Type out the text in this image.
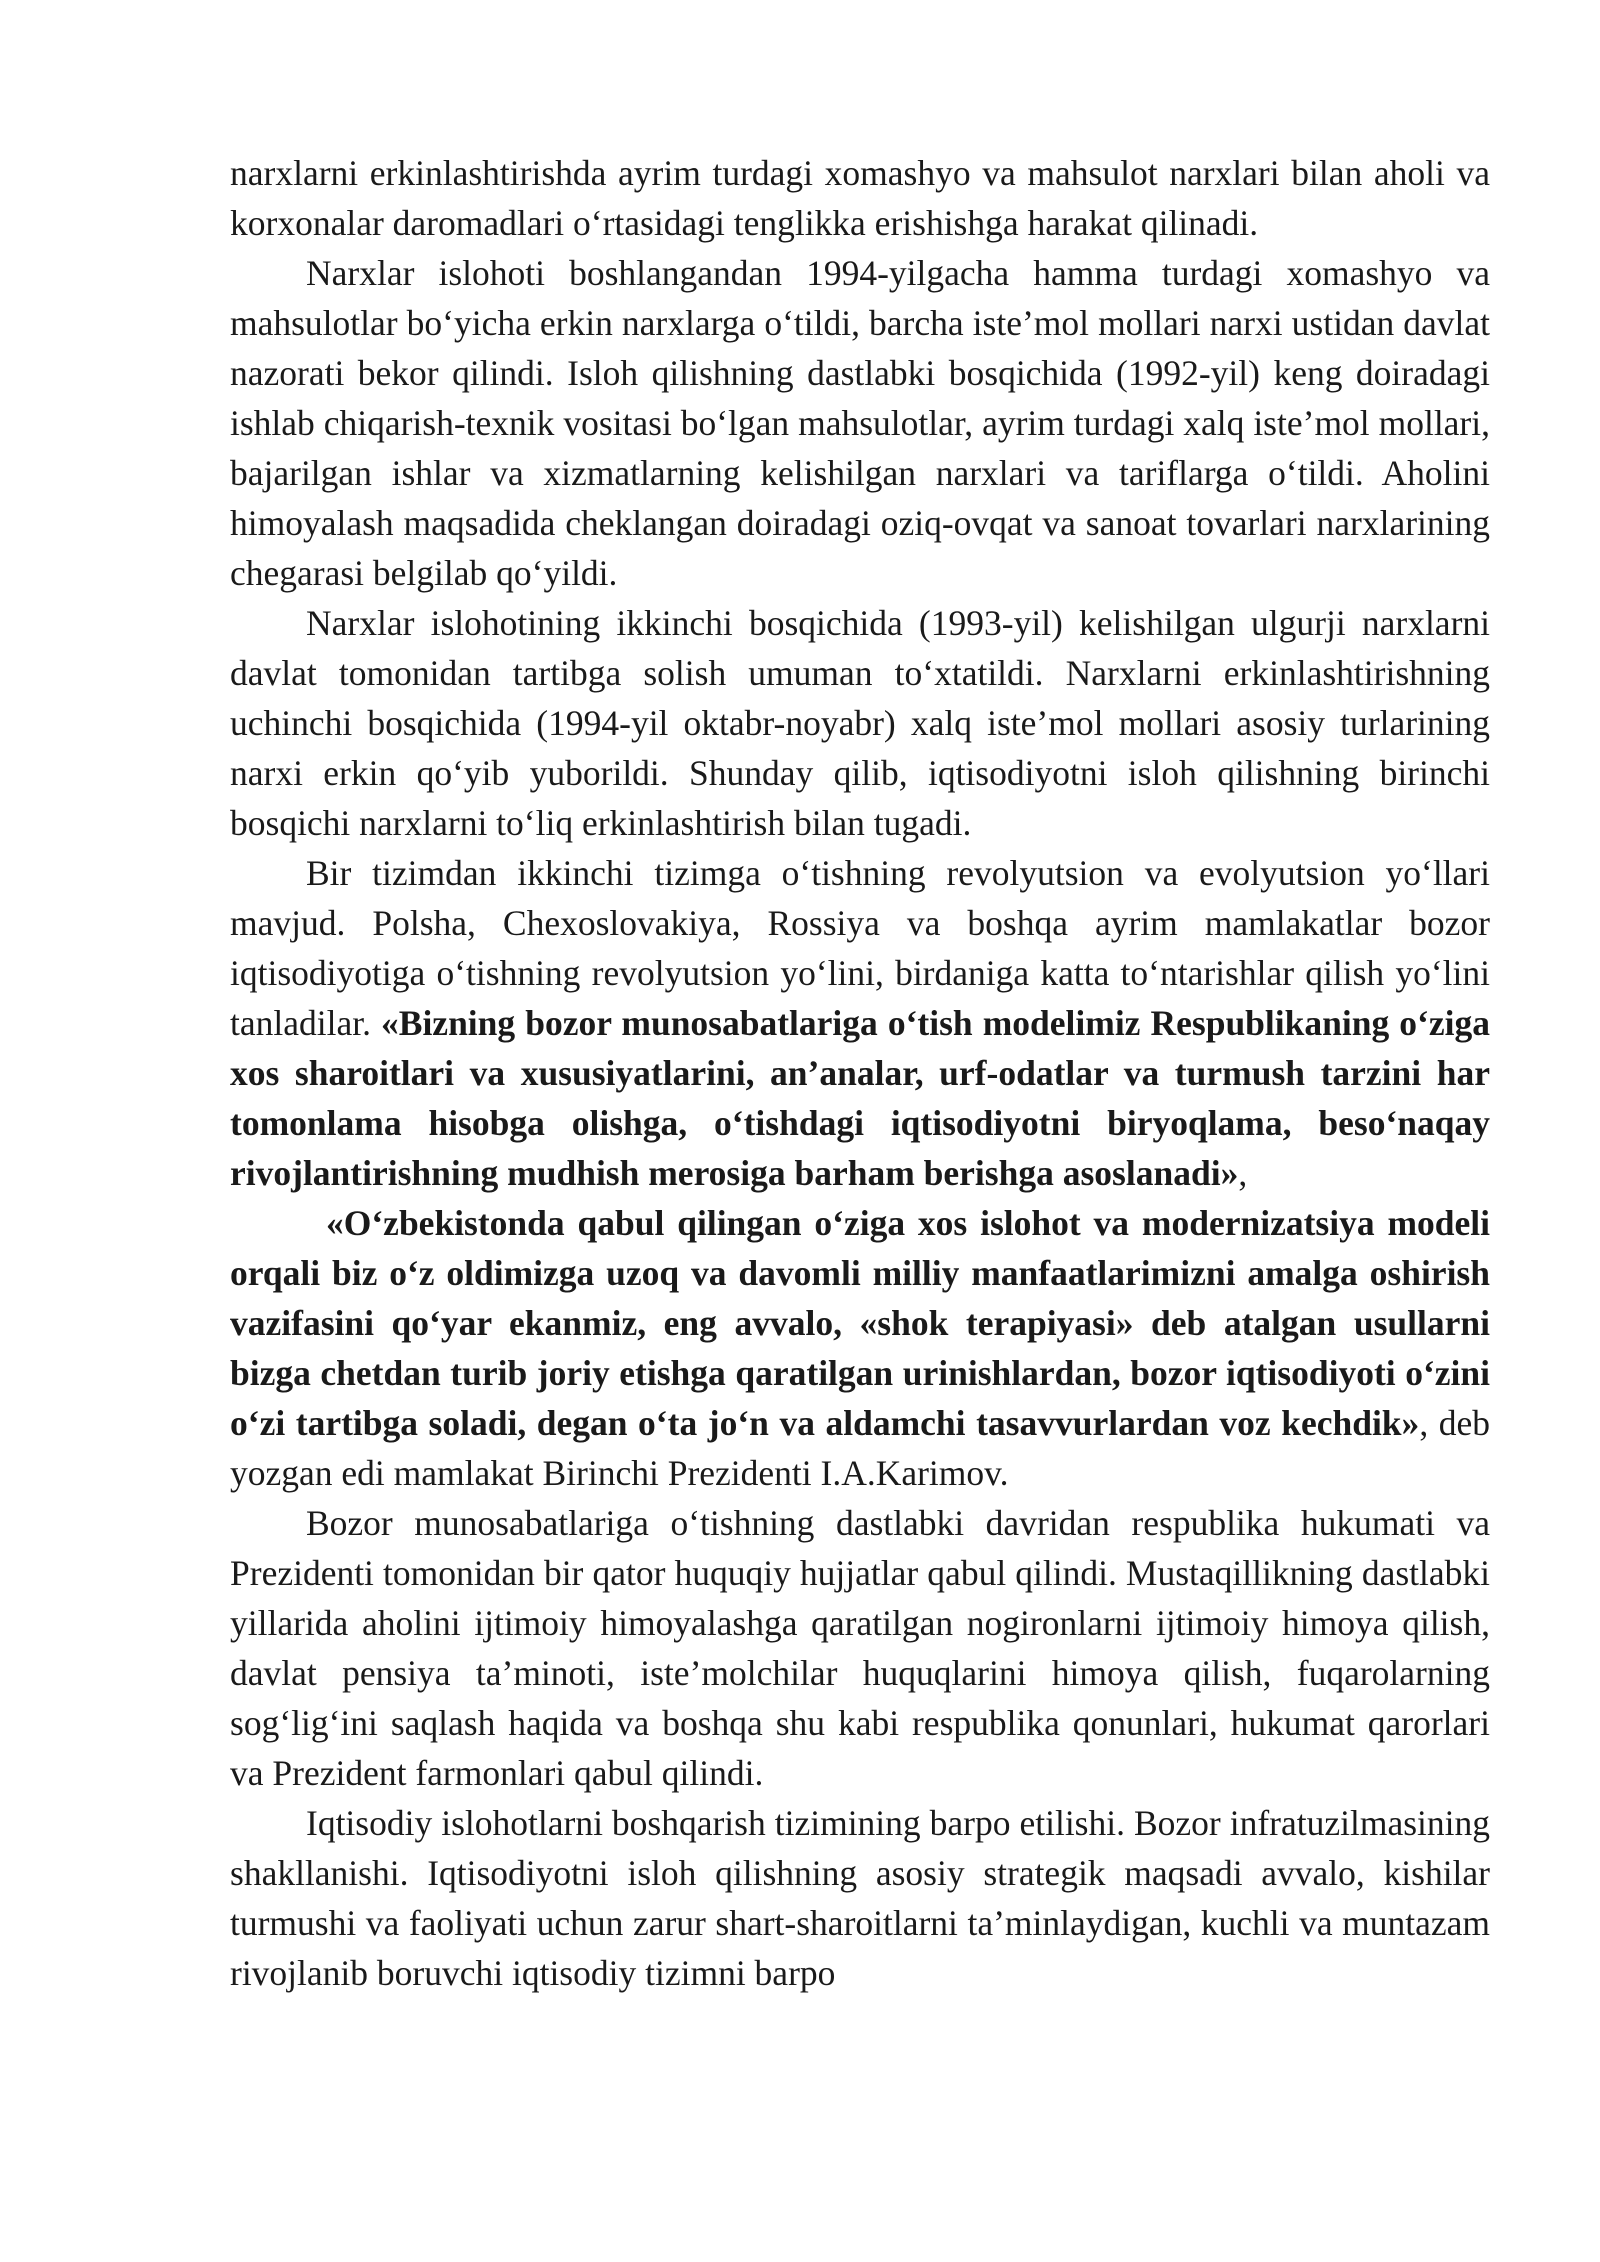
narxlarni erkinlashtirishda ayrim turdagi xomashyo va mahsulot narxlari bilan aholi va korxonalar daromadlari o‘rtasidagi tenglikka erishishga harakat qilinadi.

Narxlar islohoti boshlangandan 1994-yilgacha hamma turdagi xomashyo va mahsulotlar bo‘yicha erkin narxlarga o‘tildi, barcha iste’mol mollari narxi ustidan davlat nazorati bekor qilindi. Isloh qilishning dastlabki bosqichida (1992-yil) keng doiradagi ishlab chiqarish-texnik vositasi bo‘lgan mahsulotlar, ayrim turdagi xalq iste’mol mollari, bajarilgan ishlar va xizmatlarning kelishilgan narxlari va tariflarga o‘tildi. Aholini himoyalash maqsadida cheklangan doiradagi oziq-ovqat va sanoat tovarlari narxlarining chegarasi belgilab qo‘yildi.

Narxlar islohotining ikkinchi bosqichida (1993-yil) kelishilgan ulgurji narxlarni davlat tomonidan tartibga solish umuman to‘xtatildi. Narxlarni erkinlashtirishning uchinchi bosqichida (1994-yil oktabr-noyabr) xalq iste’mol mollari asosiy turlarining narxi erkin qo‘yib yuborildi. Shunday qilib, iqtisodiyotni isloh qilishning birinchi bosqichi narxlarni to‘liq erkinlashtirish bilan tugadi.

Bir tizimdan ikkinchi tizimga o‘tishning revolyutsion va evolyutsion yo‘llari mavjud. Polsha, Chexoslovakiya, Rossiya va boshqa ayrim mamlakatlar bozor iqtisodiyotiga o‘tishning revolyutsion yo‘lini, birdaniga katta to‘ntarishlar qilish yo‘lini tanladilar. «Bizning bozor munosabatlariga o‘tish modelimiz Respublikaning o‘ziga xos sharoitlari va xususiyatlarini, an’analar, urf-odatlar va turmush tarzini har tomonlama hisobga olishga, o‘tishdagi iqtisodiyotni biryoqlama, beso‘naqay rivojlantirishning mudhish merosiga barham berishga asoslanadi»,

«O‘zbekistonda qabul qilingan o‘ziga xos islohot va modernizatsiya modeli orqali biz o‘z oldimizga uzoq va davomli milliy manfaatlarimizni amalga oshirish vazifasini qo‘yar ekanmiz, eng avvalo, «shok terapiyasi» deb atalgan usullarni bizga chetdan turib joriy etishga qaratilgan urinishlardan, bozor iqtisodiyoti o‘zini o‘zi tartibga soladi, degan o‘ta jo‘n va aldamchi tasavvurlardan voz kechdik», deb yozgan edi mamlakat Birinchi Prezidenti I.A.Karimov.

Bozor munosabatlariga o‘tishning dastlabki davridan respublika hukumati va Prezidenti tomonidan bir qator huquqiy hujjatlar qabul qilindi. Mustaqillikning dastlabki yillarida aholini ijtimoiy himoyalashga qaratilgan nogironlarni ijtimoiy himoya qilish, davlat pensiya ta’minoti, iste’molchilar huquqlarini himoya qilish, fuqarolarning sog‘lig‘ini saqlash haqida va boshqa shu kabi respublika qonunlari, hukumat qarorlari va Prezident farmonlari qabul qilindi.

Iqtisodiy islohotlarni boshqarish tizimining barpo etilishi. Bozor infratuzilmasining shakllanishi. Iqtisodiyotni isloh qilishning asosiy strategik maqsadi avvalo, kishilar turmushi va faoliyati uchun zarur shart-sharoitlarni ta’minlaydigan, kuchli va muntazam rivojlanib boruvchi iqtisodiy tizimni barpo
